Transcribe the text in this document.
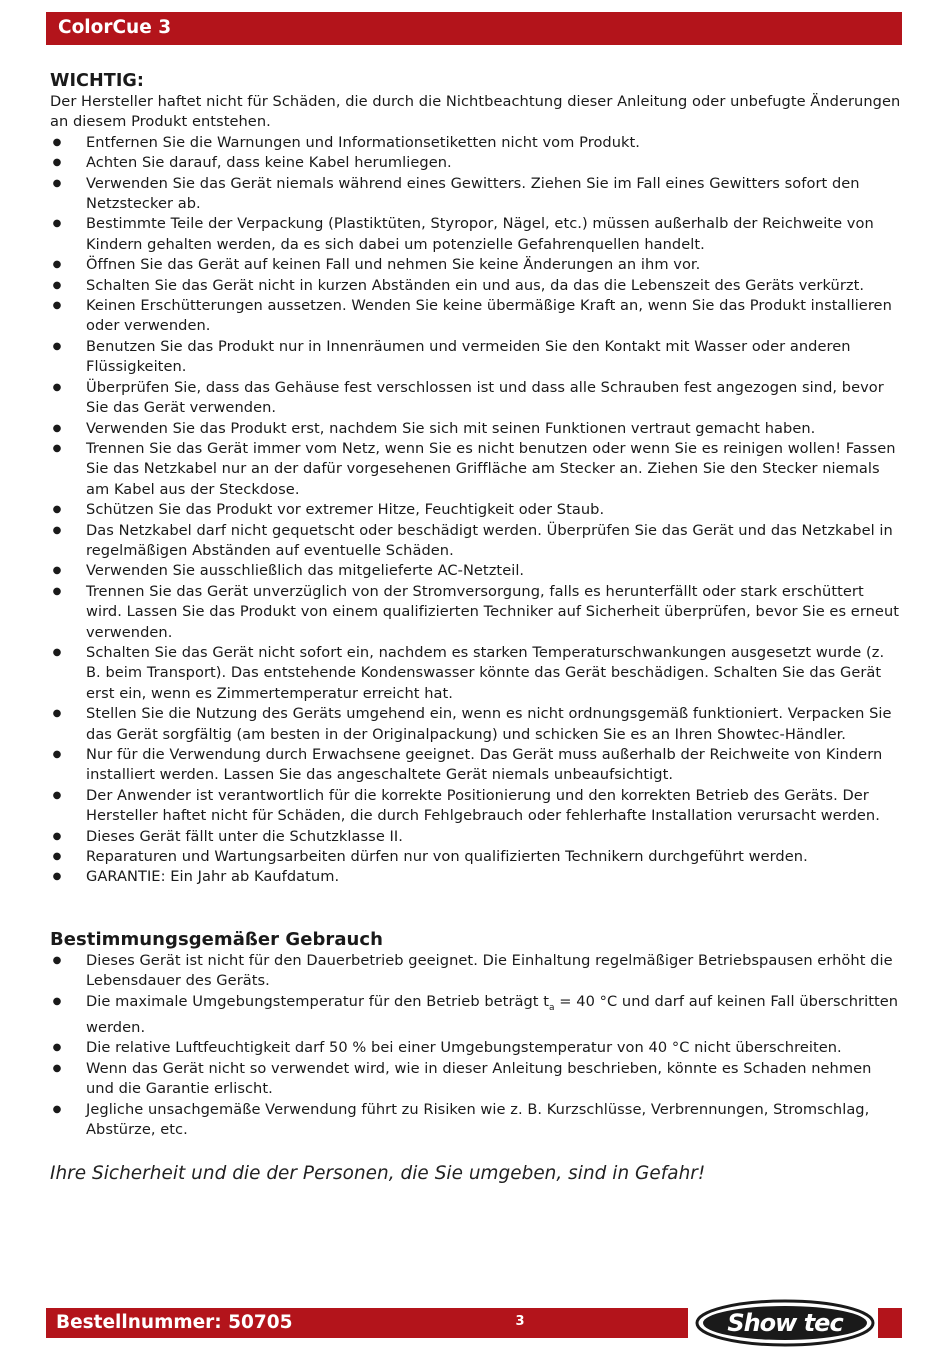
ColorCue 3
WICHTIG:

Der Hersteller haftet nicht für Schäden, die durch die Nichtbeachtung dieser Anleitung oder unbefugte Änderungen an diesem Produkt entstehen.

● Entfernen Sie die Warnungen und Informationsetiketten nicht vom Produkt.
● Achten Sie darauf, dass keine Kabel herumliegen.
● Verwenden Sie das Gerät niemals während eines Gewitters. Ziehen Sie im Fall eines Gewitters sofort den Netzstecker ab.
● Bestimmte Teile der Verpackung (Plastiktüten, Styropor, Nägel, etc.) müssen außerhalb der Reichweite von Kindern gehalten werden, da es sich dabei um potenzielle Gefahrenquellen handelt.
● Öffnen Sie das Gerät auf keinen Fall und nehmen Sie keine Änderungen an ihm vor.
● Schalten Sie das Gerät nicht in kurzen Abständen ein und aus, da das die Lebenszeit des Geräts verkürzt.
● Keinen Erschütterungen aussetzen. Wenden Sie keine übermäßige Kraft an, wenn Sie das Produkt installieren oder verwenden.
● Benutzen Sie das Produkt nur in Innenräumen und vermeiden Sie den Kontakt mit Wasser oder anderen Flüssigkeiten.
● Überprüfen Sie, dass das Gehäuse fest verschlossen ist und dass alle Schrauben fest angezogen sind, bevor Sie das Gerät verwenden.
● Verwenden Sie das Produkt erst, nachdem Sie sich mit seinen Funktionen vertraut gemacht haben.
● Trennen Sie das Gerät immer vom Netz, wenn Sie es nicht benutzen oder wenn Sie es reinigen wollen! Fassen Sie das Netzkabel nur an der dafür vorgesehenen Griffläche am Stecker an. Ziehen Sie den Stecker niemals am Kabel aus der Steckdose.
● Schützen Sie das Produkt vor extremer Hitze, Feuchtigkeit oder Staub.
● Das Netzkabel darf nicht gequetscht oder beschädigt werden. Überprüfen Sie das Gerät und das Netzkabel in regelmäßigen Abständen auf eventuelle Schäden.
● Verwenden Sie ausschließlich das mitgelieferte AC-Netzteil.
● Trennen Sie das Gerät unverzüglich von der Stromversorgung, falls es herunterfällt oder stark erschüttert wird. Lassen Sie das Produkt von einem qualifizierten Techniker auf Sicherheit überprüfen, bevor Sie es erneut verwenden.
● Schalten Sie das Gerät nicht sofort ein, nachdem es starken Temperaturschwankungen ausgesetzt wurde (z. B. beim Transport). Das entstehende Kondenswasser könnte das Gerät beschädigen. Schalten Sie das Gerät erst ein, wenn es Zimmertemperatur erreicht hat.
● Stellen Sie die Nutzung des Geräts umgehend ein, wenn es nicht ordnungsgemäß funktioniert. Verpacken Sie das Gerät sorgfältig (am besten in der Originalpackung) und schicken Sie es an Ihren Showtec-Händler.
● Nur für die Verwendung durch Erwachsene geeignet. Das Gerät muss außerhalb der Reichweite von Kindern installiert werden. Lassen Sie das angeschaltete Gerät niemals unbeaufsichtigt.
● Der Anwender ist verantwortlich für die korrekte Positionierung und den korrekten Betrieb des Geräts. Der Hersteller haftet nicht für Schäden, die durch Fehlgebrauch oder fehlerhafte Installation verursacht werden.
● Dieses Gerät fällt unter die Schutzklasse II.
● Reparaturen und Wartungsarbeiten dürfen nur von qualifizierten Technikern durchgeführt werden.
● GARANTIE: Ein Jahr ab Kaufdatum.
Bestimmungsgemäßer Gebrauch
● Dieses Gerät ist nicht für den Dauerbetrieb geeignet. Die Einhaltung regelmäßiger Betriebspausen erhöht die Lebensdauer des Geräts.
● Die maximale Umgebungstemperatur für den Betrieb beträgt $t_a = 40$ °C und darf auf keinen Fall überschritten werden.
● Die relative Luftfeuchtigkeit darf 50 % bei einer Umgebungstemperatur von 40 °C nicht überschreiten.
● Wenn das Gerät nicht so verwendet wird, wie in dieser Anleitung beschrieben, könnte es Schaden nehmen und die Garantie erlischt.
● Jegliche unsachgemäße Verwendung führt zu Risiken wie z. B. Kurzschlüsse, Verbrennungen, Stromschlag, Abstürze, etc.
Ihre Sicherheit und die der Personen, die Sie umgeben, sind in Gefahr!
Bestellnummer: 50705	3	Show tec
